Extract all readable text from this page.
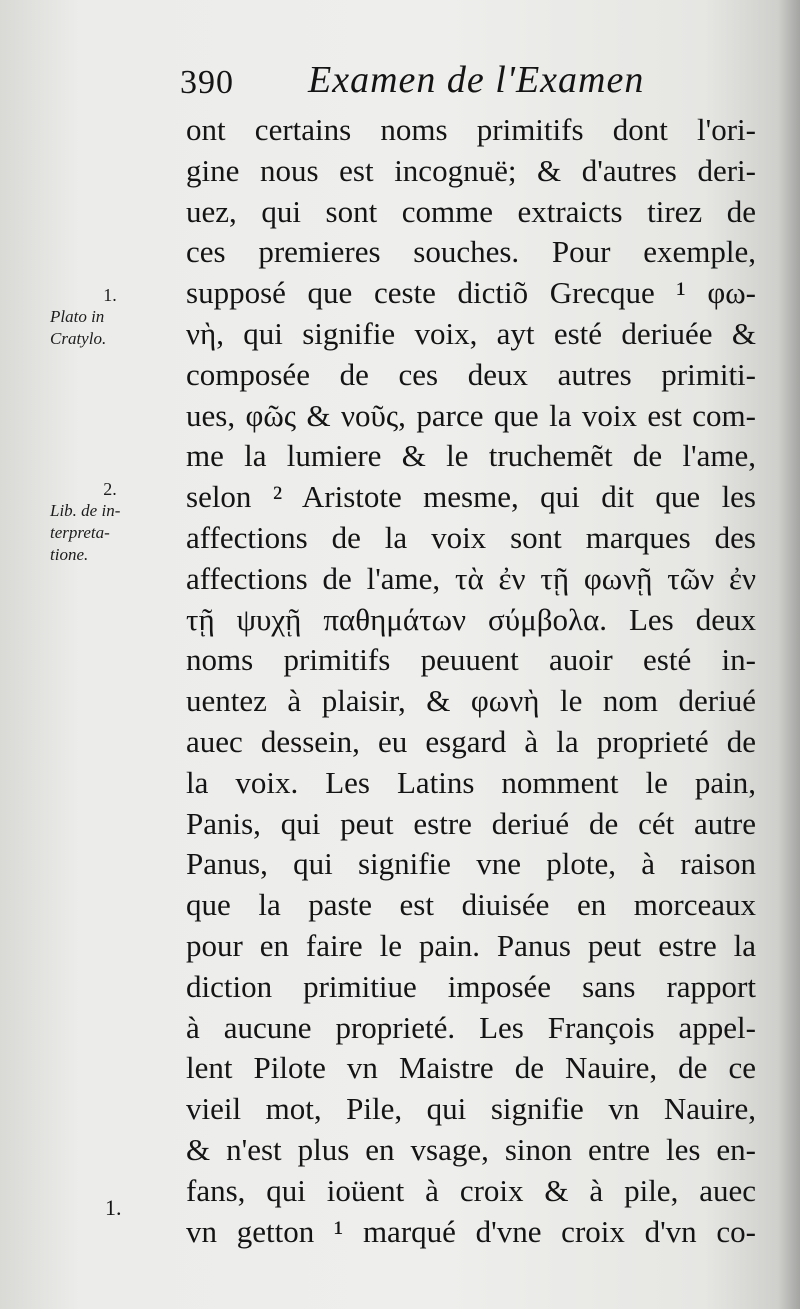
390 Examen de l'Examen
1.
Plato in
Cratylo.
2.
Lib. de in-
terpreta-
tione.
1.
ont certains noms primitifs dont l'ori-
gine nous est incognuë; & d'autres deri-
uez, qui sont comme extraicts tirez de
ces premieres souches. Pour exemple,
supposé que ceste dictiõ Grecque ¹ φω-
νὴ, qui signifie voix, ayt esté deriuée &
composée de ces deux autres primiti-
ues, φῶς & νοῦς, parce que la voix est com-
me la lumiere & le truchemẽt de l'ame,
selon ² Aristote mesme, qui dit que les
affections de la voix sont marques des
affections de l'ame, τὰ ἐν τῇ φωνῇ τῶν ἐν
τῇ ψυχῇ παθημάτων σύμβολα. Les deux
noms primitifs peuuent auoir esté in-
uentez à plaisir, & φωνὴ le nom deriué
auec dessein, eu esgard à la proprieté de
la voix. Les Latins nomment le pain,
Panis, qui peut estre deriué de cét autre
Panus, qui signifie vne plote, à raison
que la paste est diuisée en morceaux
pour en faire le pain. Panus peut estre la
diction primitiue imposée sans rapport
à aucune proprieté. Les François appel-
lent Pilote vn Maistre de Nauire, de ce
vieil mot, Pile, qui signifie vn Nauire,
& n'est plus en vsage, sinon entre les en-
fans, qui ioüent à croix & à pile, auec
vn getton ¹ marqué d'vne croix d'vn co-
